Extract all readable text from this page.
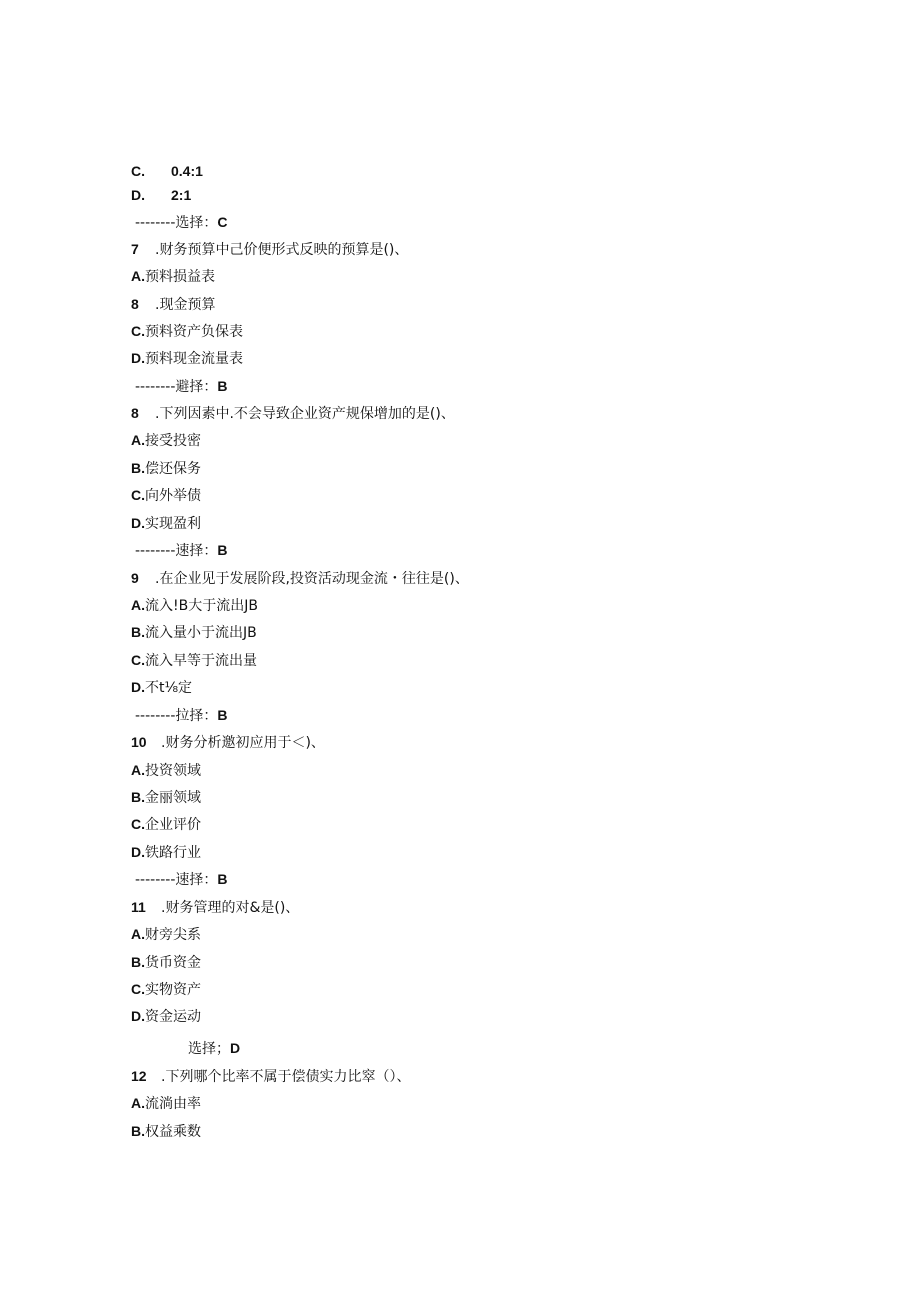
C. 0.4:1
D. 2:1
--------选择：C
7 .财务预算中己价便形式反映的预算是()、
A.预料损益表
8 .现金预算
C.预料资产负保表
D.预料现金流量表
--------避择：B
8 .下列因素中.不会导致企业资产规保增加的是()、
A.接受投密
B.偿还保务
C.向外举债
D.实现盈利
--------速择：B
9 .在企业见于发展阶段,投资活动现金流・往往是()、
A.流入!B大于流出JB
B.流入量小于流出JB
C.流入早等于流出量
D.不t⅛定
--------拉择：B
10 .财务分析邀初应用于＜)、
A.投资领域
B.金丽领域
C.企业评价
D.铁路行业
--------速择：B
11 .财务管理的对&是()、
A.财旁尖系
B.货币资金
C.实物资产
D.资金运动
选择；D
12 .下列哪个比率不属于偿债实力比窣（）、
A.流淌由率
B.权益乘数
